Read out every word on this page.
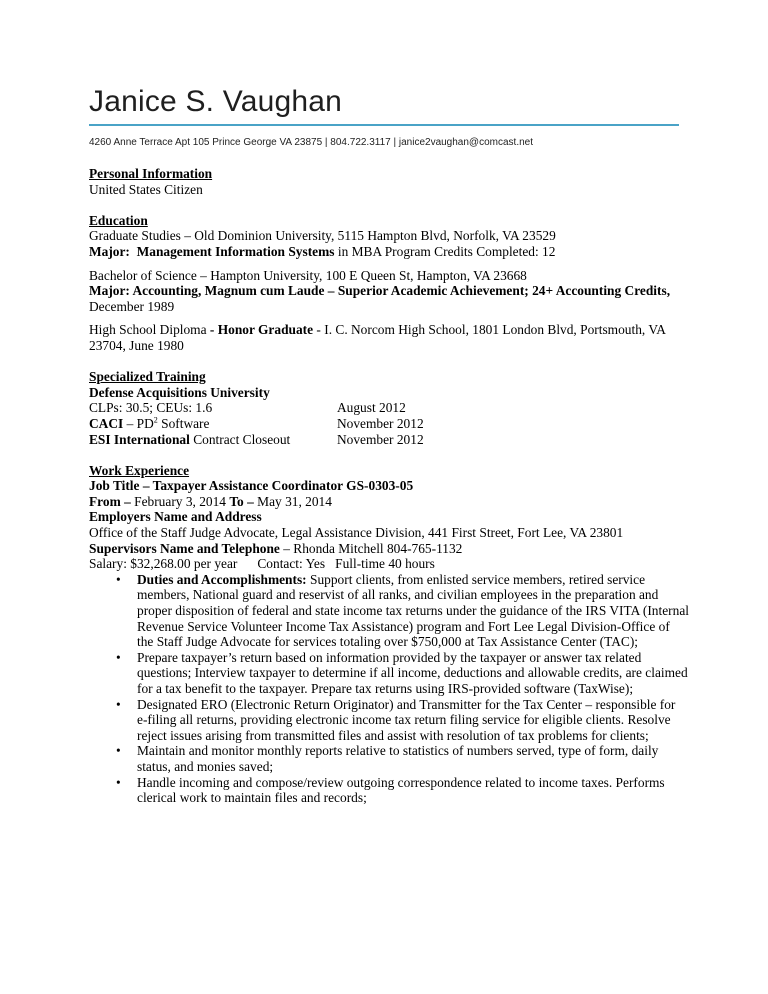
Janice S. Vaughan
4260 Anne Terrace Apt 105 Prince George VA 23875 | 804.722.3117 | janice2vaughan@comcast.net
Personal Information
United States Citizen
Education
Graduate Studies – Old Dominion University, 5115 Hampton Blvd, Norfolk, VA 23529
Major: Management Information Systems in MBA Program Credits Completed: 12
Bachelor of Science – Hampton University, 100 E Queen St, Hampton, VA 23668
Major: Accounting, Magnum cum Laude – Superior Academic Achievement; 24+ Accounting Credits, December 1989
High School Diploma - Honor Graduate - I. C. Norcom High School, 1801 London Blvd, Portsmouth, VA 23704, June 1980
Specialized Training
Defense Acquisitions University
CLPs: 30.5; CEUs: 1.6	August 2012
CACI – $PD^2$ Software	November 2012
ESI International Contract Closeout	November 2012
Work Experience
Job Title – Taxpayer Assistance Coordinator GS-0303-05
From – February 3, 2014 To – May 31, 2014
Employers Name and Address
Office of the Staff Judge Advocate, Legal Assistance Division, 441 First Street, Fort Lee, VA 23801
Supervisors Name and Telephone – Rhonda Mitchell 804-765-1132
Salary: $32,268.00 per year Contact: Yes Full-time 40 hours
• Duties and Accomplishments: Support clients, from enlisted service members, retired service members, National guard and reservist of all ranks, and civilian employees in the preparation and proper disposition of federal and state income tax returns under the guidance of the IRS VITA (Internal Revenue Service Volunteer Income Tax Assistance) program and Fort Lee Legal Division-Office of the Staff Judge Advocate for services totaling over $750,000 at Tax Assistance Center (TAC);
• Prepare taxpayer’s return based on information provided by the taxpayer or answer tax related questions; Interview taxpayer to determine if all income, deductions and allowable credits, are claimed for a tax benefit to the taxpayer. Prepare tax returns using IRS-provided software (TaxWise);
• Designated ERO (Electronic Return Originator) and Transmitter for the Tax Center – responsible for e-filing all returns, providing electronic income tax return filing service for eligible clients. Resolve reject issues arising from transmitted files and assist with resolution of tax problems for clients;
• Maintain and monitor monthly reports relative to statistics of numbers served, type of form, daily status, and monies saved;
• Handle incoming and compose/review outgoing correspondence related to income taxes. Performs clerical work to maintain files and records;
